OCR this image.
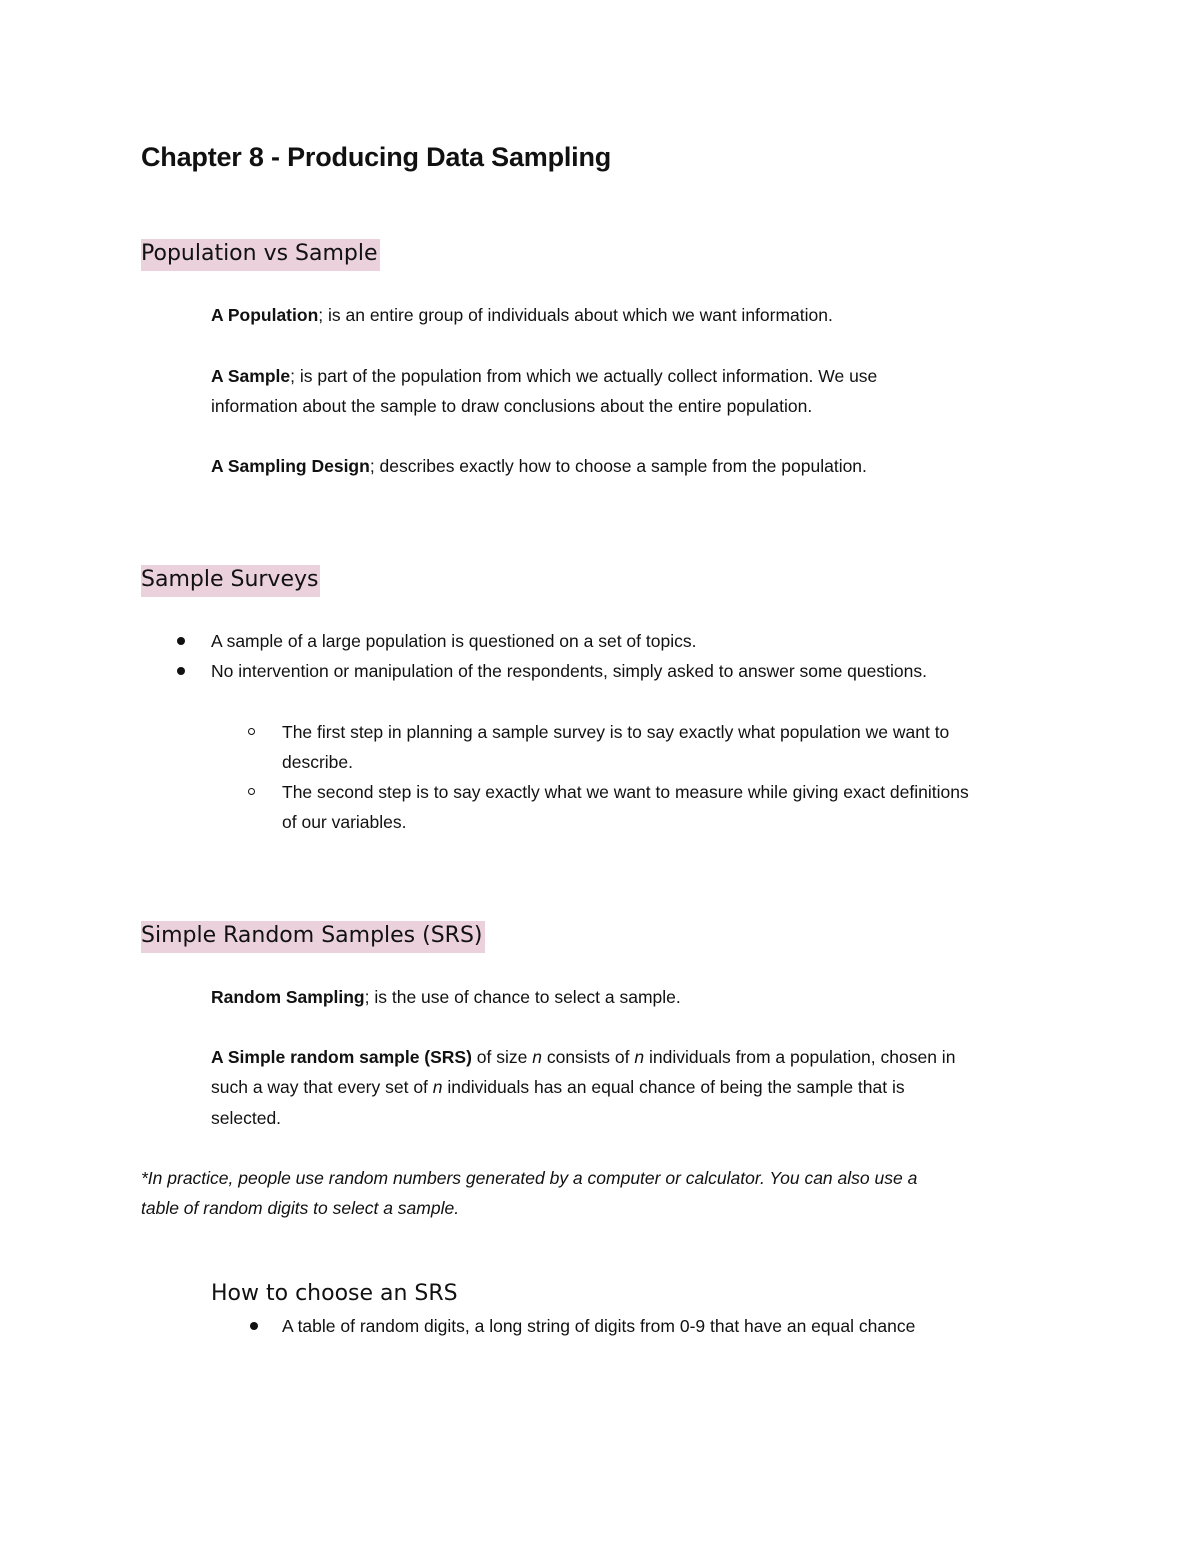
Chapter 8 - Producing Data Sampling
Population vs Sample
A Population; is an entire group of individuals about which we want information.
A Sample; is part of the population from which we actually collect information. We use
information about the sample to draw conclusions about the entire population.
A Sampling Design; describes exactly how to choose a sample from the population.
Sample Surveys
A sample of a large population is questioned on a set of topics.
No intervention or manipulation of the respondents, simply asked to answer some questions.
The first step in planning a sample survey is to say exactly what population we want to
describe.
The second step is to say exactly what we want to measure while giving exact definitions
of our variables.
Simple Random Samples (SRS)
Random Sampling; is the use of chance to select a sample.
A Simple random sample (SRS) of size n consists of n individuals from a population, chosen in
such a way that every set of n individuals has an equal chance of being the sample that is
selected.
*In practice, people use random numbers generated by a computer or calculator. You can also use a
table of random digits to select a sample.
How to choose an SRS
A table of random digits, a long string of digits from 0-9 that have an equal chance
